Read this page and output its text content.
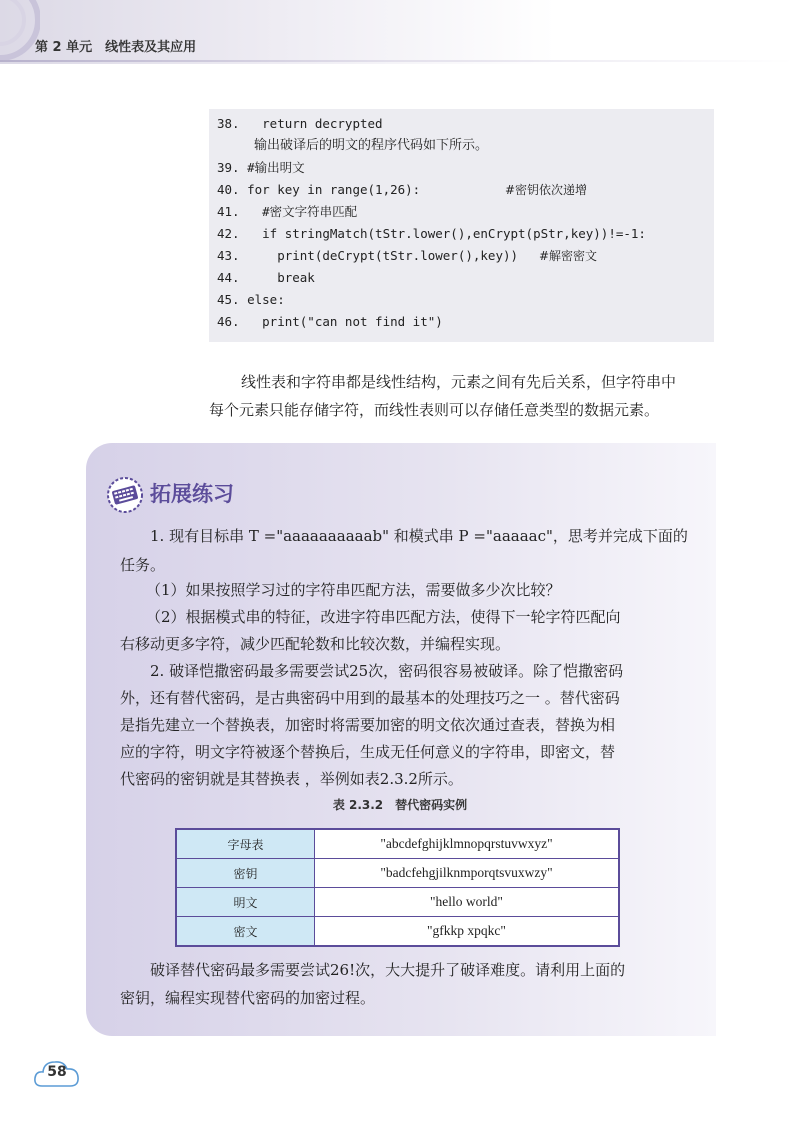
第 2 单元　线性表及其应用
38.   return decrypted
输出破译后的明文的程序代码如下所示。
39. #输出明文
40. for key in range(1,26):	#密钥依次递增
41.   #密文字符串匹配
42.   if stringMatch(tStr.lower(),enCrypt(pStr,key))!=-1:
43.     print(deCrypt(tStr.lower(),key)) #解密密文
44.     break
45. else:
46.   print("can not find it")
线性表和字符串都是线性结构，元素之间有先后关系，但字符串中
每个元素只能存储字符，而线性表则可以存储任意类型的数据元素。
拓展练习
1. 现有目标串 T ="aaaaaaaaaab" 和模式串 P ="aaaaac"，思考并完成下面的
任务。
（1）如果按照学习过的字符串匹配方法，需要做多少次比较？
（2）根据模式串的特征，改进字符串匹配方法，使得下一轮字符匹配向
右移动更多字符，减少匹配轮数和比较次数，并编程实现。
2. 破译恺撒密码最多需要尝试25次，密码很容易被破译。除了恺撒密码
外，还有替代密码，是古典密码中用到的最基本的处理技巧之一 。替代密码
是指先建立一个替换表，加密时将需要加密的明文依次通过查表，替换为相
应的字符，明文字符被逐个替换后，生成无任何意义的字符串，即密文，替
代密码的密钥就是其替换表 ，举例如表2.3.2所示。
表 2.3.2　替代密码实例
字母表	"abcdefghijklmnopqrstuvwxyz"
密钥	"badcfehgjilknmporqtsvuxwzy"
明文	"hello world"
密文	"gfkkp xpqkc"
破译替代密码最多需要尝试26!次，大大提升了破译难度。请利用上面的
密钥，编程实现替代密码的加密过程。
58
